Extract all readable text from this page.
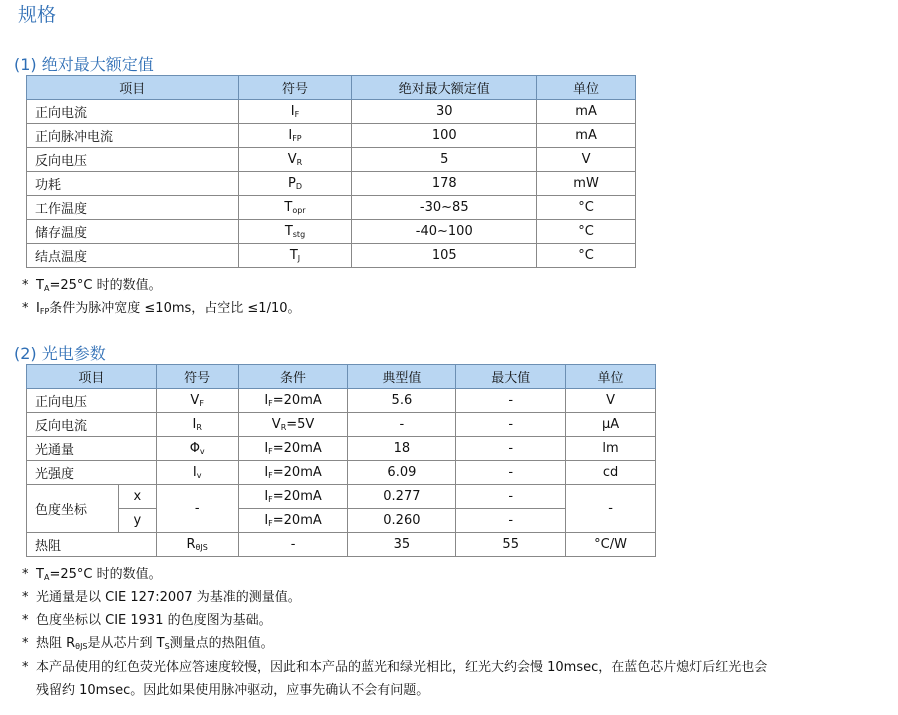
规格
(1) 绝对最大额定值
项目	符号	绝对最大额定值	单位
正向电流	$I_F$	30	mA
正向脉冲电流	$I_{FP}$	100	mA
反向电压	$V_R$	5	V
功耗	$P_D$	178	mW
工作温度	$T_{opr}$	-30~85	°C
储存温度	$T_{stg}$	-40~100	°C
结点温度	$T_J$	105	°C
* $T_A=25^\circ C$ 时的数值。
* $I_{FP}$条件为脉冲宽度 ≤10ms，占空比 ≤1/10。
(2) 光电参数
项目		符号	条件	典型值	最大值	单位
正向电压		$V_F$	$I_F=20mA$	5.6	-	V
反向电流		$I_R$	$V_R=5V$	-	-	μA
光通量		$\Phi_v$	$I_F=20mA$	18	-	lm
光强度		$I_v$	$I_F=20mA$	6.09	-	cd
色度坐标	x	-	$I_F=20mA$	0.277	-	-
	y		$I_F=20mA$	0.260	-	
热阻		$R_{\theta JS}$	-	35	55	°C/W
* $T_A=25^\circ C$ 时的数值。
* 光通量是以 CIE 127:2007 为基准的测量值。
* 色度坐标以 CIE 1931 的色度图为基础。
* 热阻 $R_{\theta JS}$是从芯片到 $T_S$测量点的热阻值。
* 本产品使用的红色荧光体应答速度较慢，因此和本产品的蓝光和绿光相比，红光大约会慢 10msec，在蓝色芯片熄灯后红光也会
残留约 10msec。因此如果使用脉冲驱动，应事先确认不会有问题。
